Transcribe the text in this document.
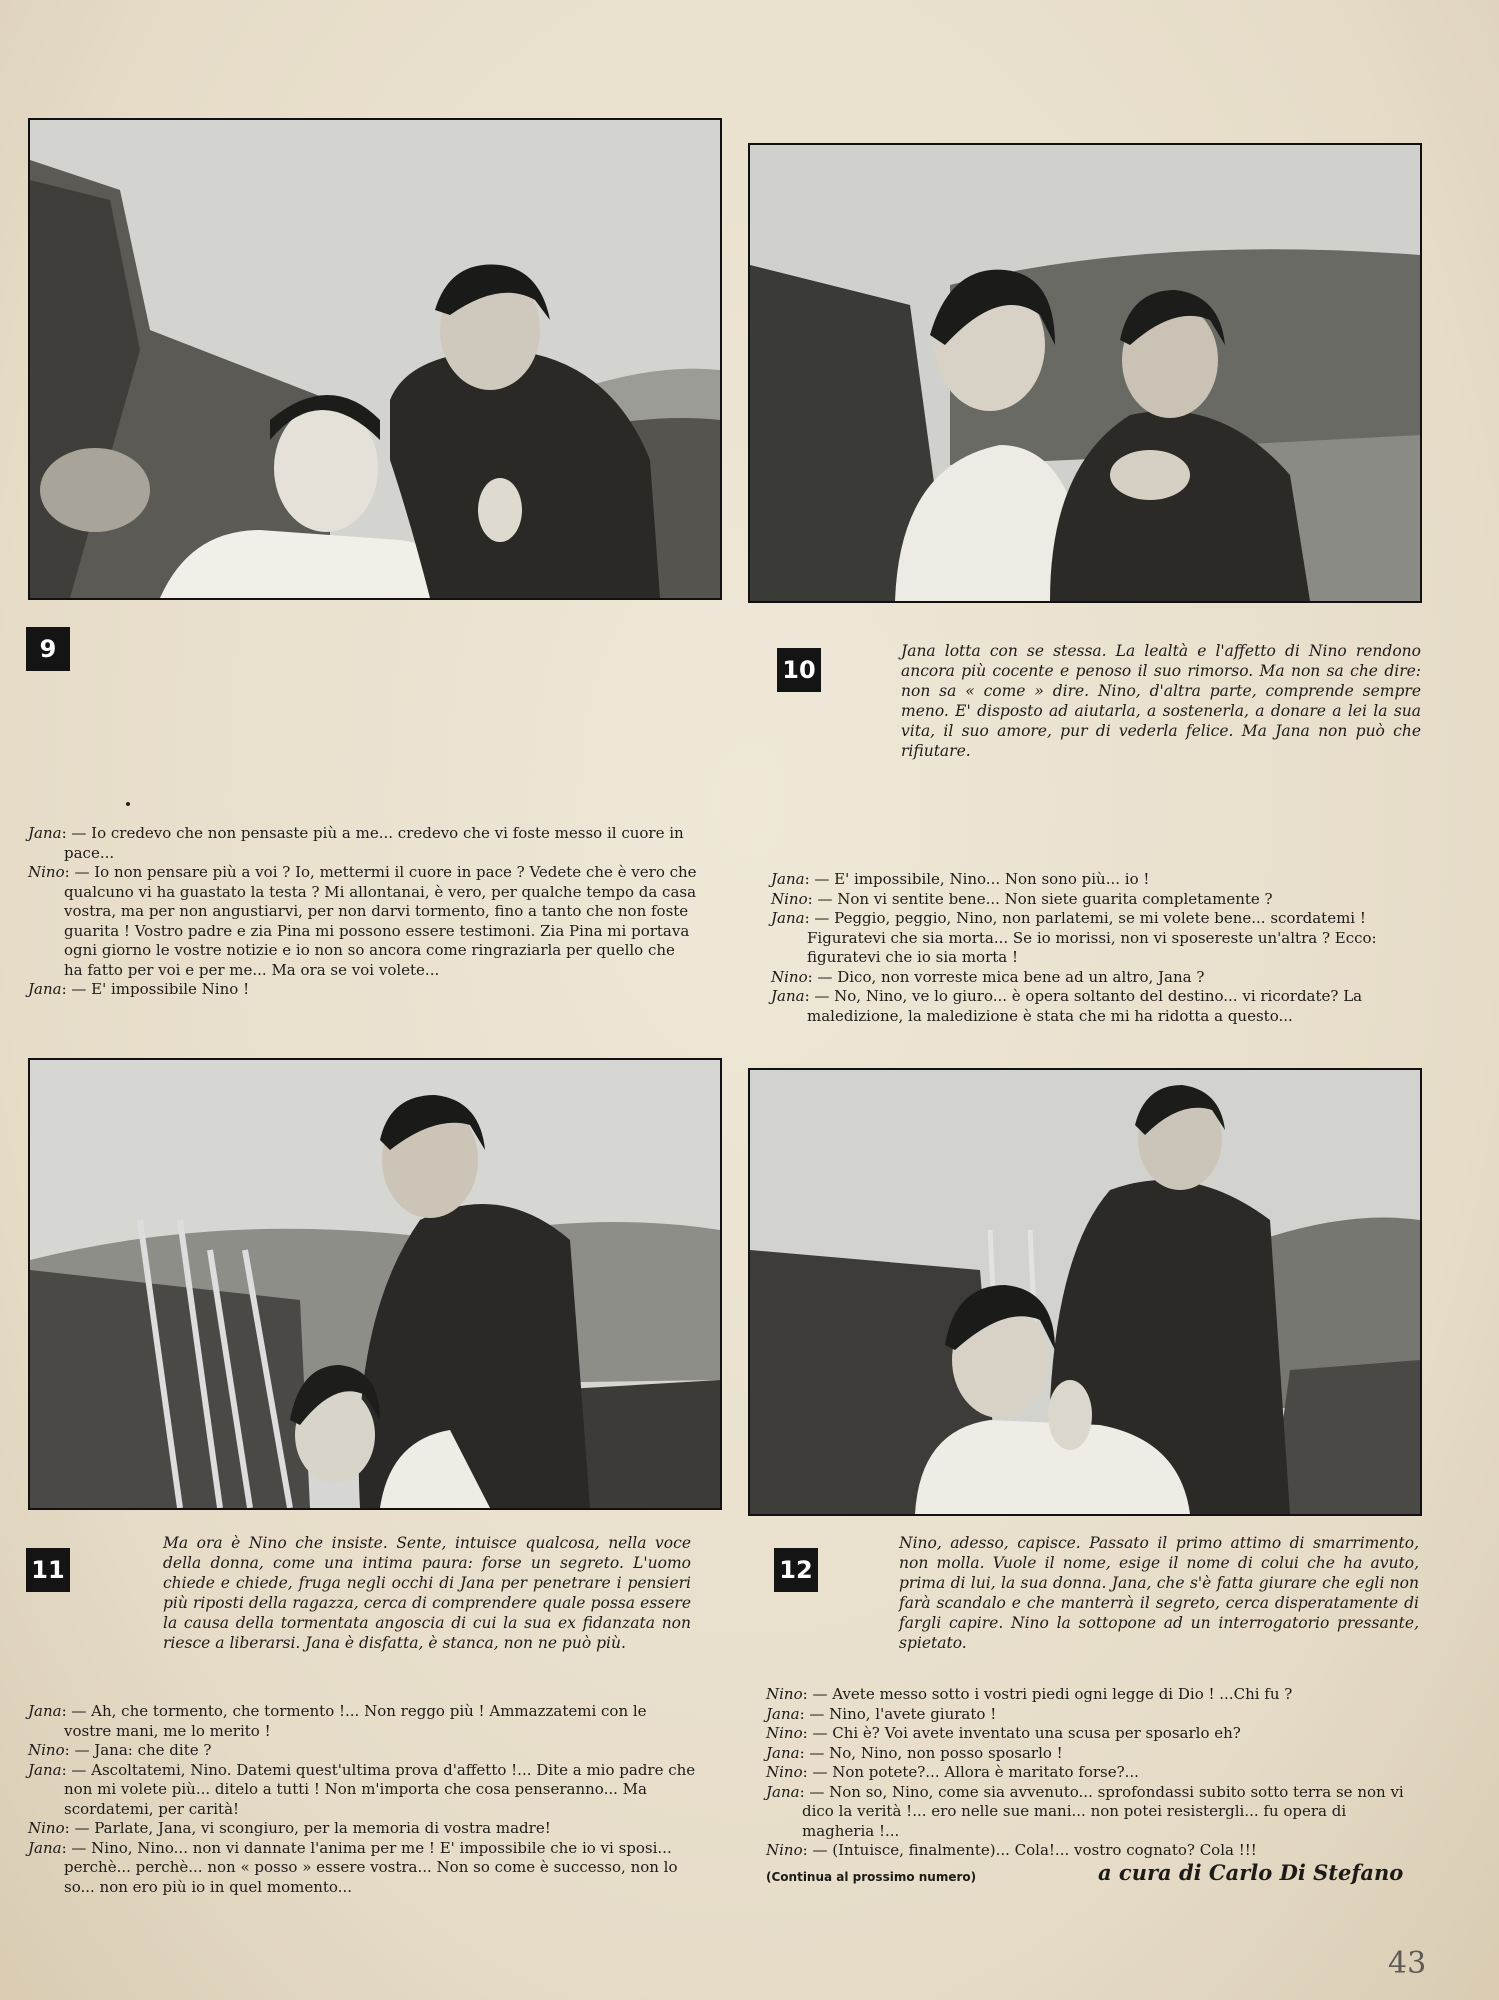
9
10
11	12
Jana lotta con se stessa. La lealtà e l'affetto di Nino rendono ancora più cocente e penoso il suo rimorso. Ma non sa che dire: non sa « come » dire. Nino, d'altra parte, comprende sempre meno. E' disposto ad aiutarla, a sostenerla, a donare a lei la sua vita, il suo amore, pur di vederla felice. Ma Jana non può che rifiutare.
Ma ora è Nino che insiste. Sente, intuisce qualcosa, nella voce della donna, come una intima paura: forse un segreto. L'uomo chiede e chiede, fruga negli occhi di Jana per penetrare i pensieri più riposti della ragazza, cerca di comprendere quale possa essere la causa della tormentata angoscia di cui la sua ex fidanzata non riesce a liberarsi. Jana è disfatta, è stanca, non ne può più.
Nino, adesso, capisce. Passato il primo attimo di smarrimento, non molla. Vuole il nome, esige il nome di colui che ha avuto, prima di lui, la sua donna. Jana, che s'è fatta giurare che egli non farà scandalo e che manterrà il segreto, cerca disperatamente di fargli capire. Nino la sottopone ad un interrogatorio pressante, spietato.

Jana: — Io credevo che non pensaste più a me... credevo che vi foste messo il cuore in pace...

Nino: — Io non pensare più a voi ? Io, mettermi il cuore in pace ? Vedete che è vero che qualcuno vi ha guastato la testa ? Mi allontanai, è vero, per qualche tempo da casa vostra, ma per non angustiarvi, per non darvi tormento, fino a tanto che non foste guarita ! Vostro padre e zia Pina mi possono essere testimoni. Zia Pina mi portava ogni giorno le vostre notizie e io non so ancora come ringraziarla per quello che ha fatto per voi e per me... Ma ora se voi volete...

Jana: — E' impossibile Nino !

Jana: — E' impossibile, Nino... Non sono più... io !

Nino: — Non vi sentite bene... Non siete guarita completamente ?

Jana: — Peggio, peggio, Nino, non parlatemi, se mi volete bene... scordatemi ! Figuratevi che sia morta... Se io morissi, non vi sposereste un'altra ? Ecco: figuratevi che io sia morta !

Nino: — Dico, non vorreste mica bene ad un altro, Jana ?

Jana: — No, Nino, ve lo giuro... è opera soltanto del destino... vi ricordate? La maledizione, la maledizione è stata che mi ha ridotta a questo...

Jana: — Ah, che tormento, che tormento !... Non reggo più ! Ammazzatemi con le vostre mani, me lo merito !

Nino: — Jana: che dite ?

Jana: — Ascoltatemi, Nino. Datemi quest'ultima prova d'affetto !... Dite a mio padre che non mi volete più... ditelo a tutti ! Non m'importa che cosa penseranno... Ma scordatemi, per carità!

Nino: — Parlate, Jana, vi scongiuro, per la memoria di vostra madre!

Jana: — Nino, Nino... non vi dannate l'anima per me ! E' impossibile che io vi sposi... perchè... perchè... non « posso » essere vostra... Non so come è successo, non lo so... non ero più io in quel momento...

Nino: — Avete messo sotto i vostri piedi ogni legge di Dio ! ...Chi fu ?

Jana: — Nino, l'avete giurato !

Nino: — Chi è? Voi avete inventato una scusa per sposarlo eh?

Jana: — No, Nino, non posso sposarlo !

Nino: — Non potete?... Allora è maritato forse?...

Jana: — Non so, Nino, come sia avvenuto... sprofondassi subito sotto terra se non vi dico la verità !... ero nelle sue mani... non potei resistergli... fu opera di magheria !...

Nino: — (Intuisce, finalmente)... Cola!... vostro cognato? Cola !!!

(Continua al prossimo numero)	a cura di Carlo Di Stefano
43
